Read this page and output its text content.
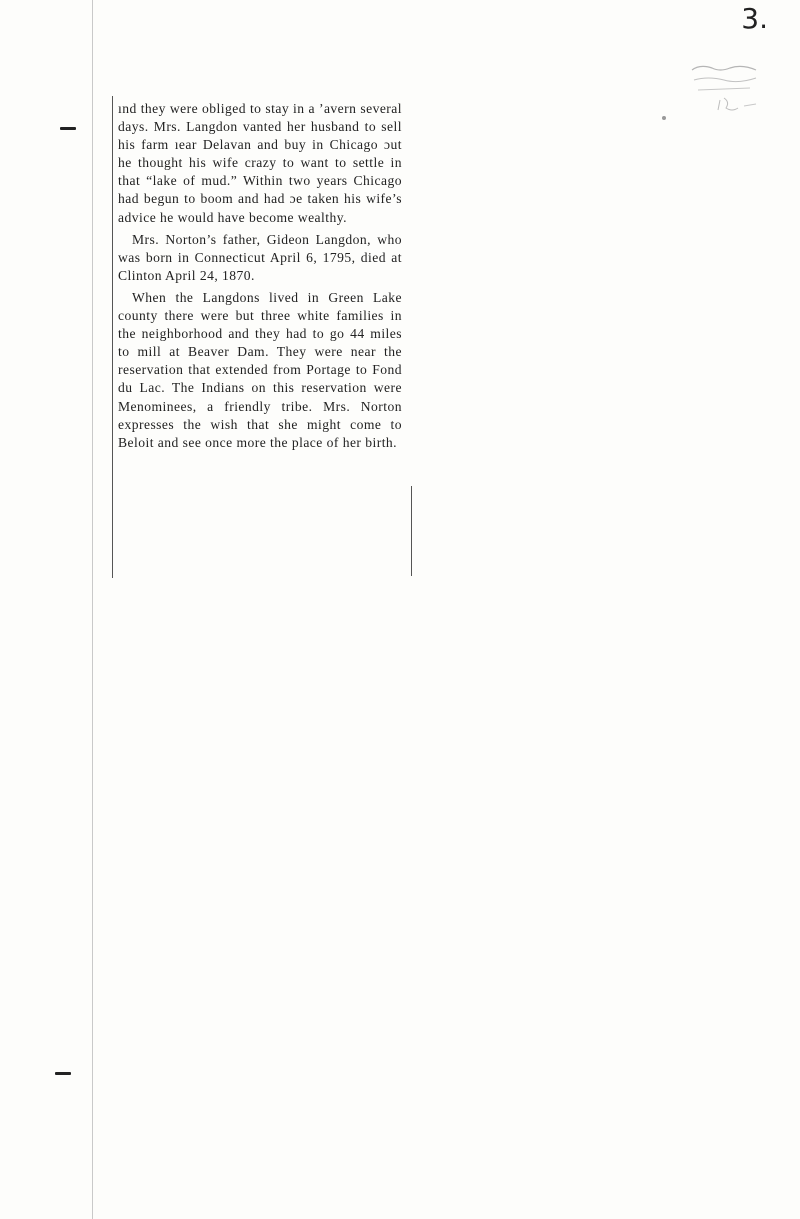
3.

ınd they were obliged to stay in a ’avern several days. Mrs. Langdon vanted her husband to sell his farm ıear Delavan and buy in Chicago ɔut he thought his wife crazy to want to settle in that “lake of mud.” Within two years Chicago had begun to boom and had ɔe taken his wife’s advice he would have become wealthy.

Mrs. Norton’s father, Gideon Langdon, who was born in Connecticut April 6, 1795, died at Clinton April 24, 1870.

When the Langdons lived in Green Lake county there were but three white families in the neighborhood and they had to go 44 miles to mill at Beaver Dam. They were near the reservation that extended from Portage to Fond du Lac. The Indians on this reservation were Menominees, a friendly tribe. Mrs. Norton expresses the wish that she might come to Beloit and see once more the place of her birth.
